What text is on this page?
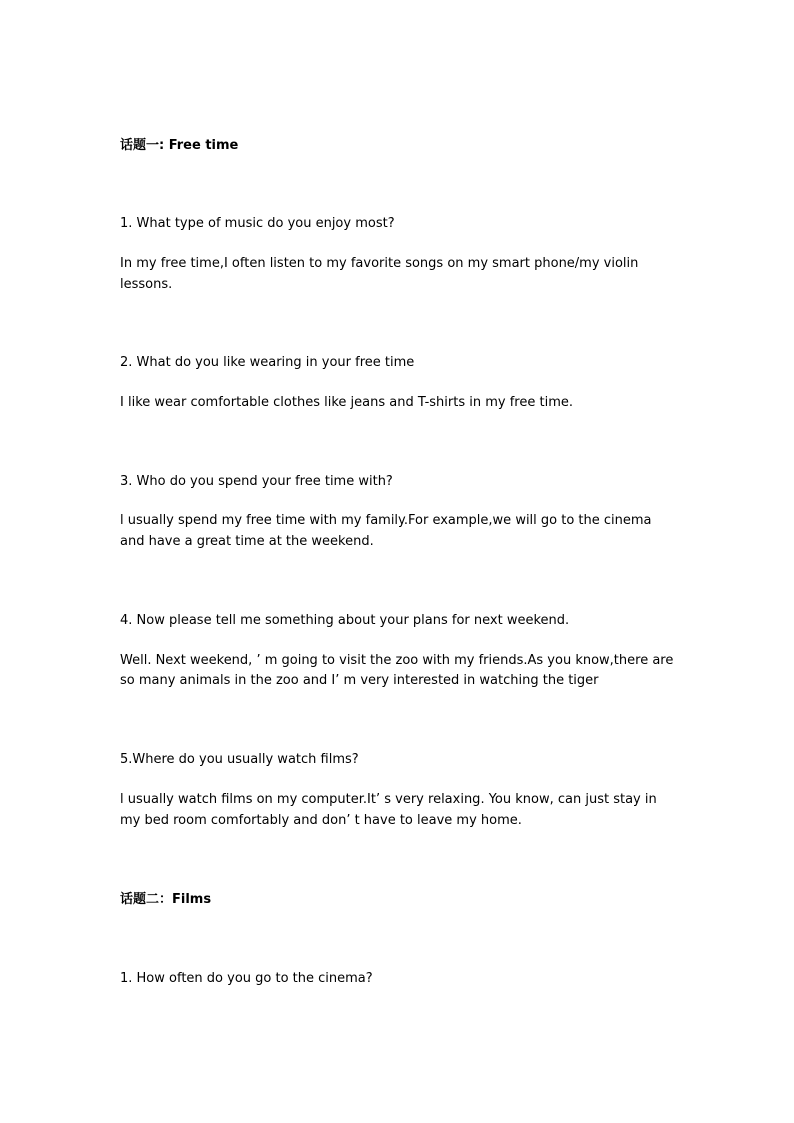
话题一: Free time
1. What type of music do you enjoy most?
In my free time,I often listen to my favorite songs on my smart phone/my violin
lessons.
2. What do you like wearing in your free time
I like wear comfortable clothes like jeans and T-shirts in my free time.
3. Who do you spend your free time with?
l usually spend my free time with my family.For example,we will go to the cinema
and have a great time at the weekend.
4. Now please tell me something about your plans for next weekend.
Well. Next weekend, ’ m going to visit the zoo with my friends.As you know,there are
so many animals in the zoo and I’ m very interested in watching the tiger
5.Where do you usually watch films?
l usually watch films on my computer.It’ s very relaxing. You know, can just stay in
my bed room comfortably and don’ t have to leave my home.
话题二：Films
1. How often do you go to the cinema?
